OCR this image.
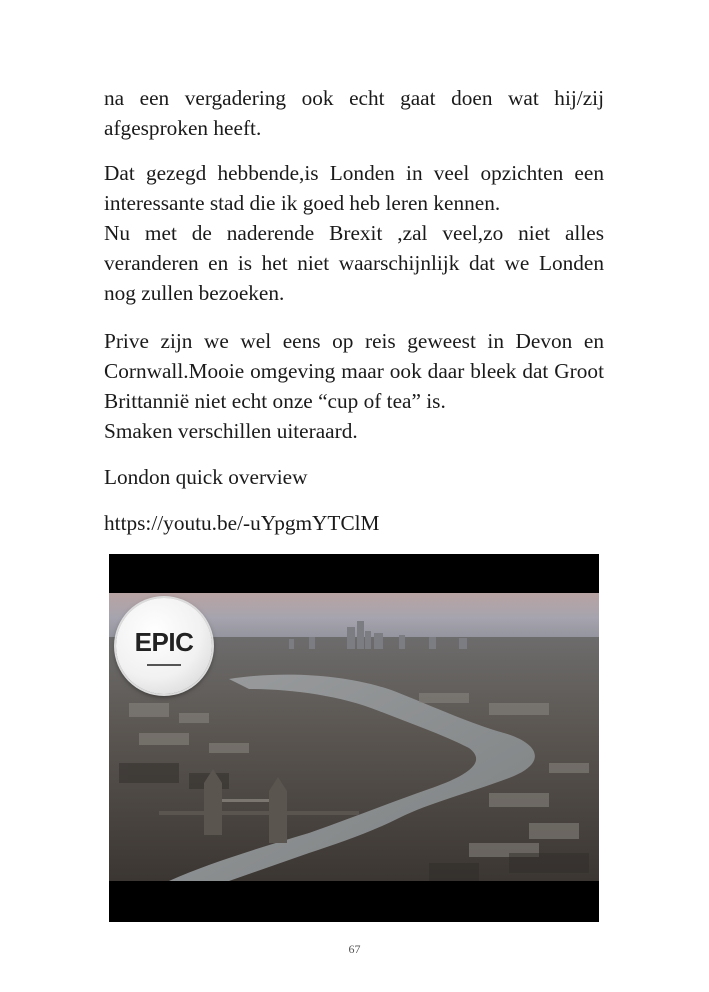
na een vergadering ook echt gaat doen wat hij/zij afgesproken heeft.

Dat gezegd hebbende,is Londen in veel opzichten een interessante stad die ik goed heb leren kennen.

Nu met de naderende Brexit ,zal veel,zo niet alles veranderen en is het niet waarschijnlijk dat we Londen nog zullen bezoeken.

Prive zijn we wel eens op reis geweest in Devon en Cornwall.Mooie omgeving maar ook daar bleek dat Groot Brittannië niet echt onze “cup of tea” is.

Smaken verschillen uiteraard.

London quick overview

https://youtu.be/-uYpgmYTClM

EPIC
67
